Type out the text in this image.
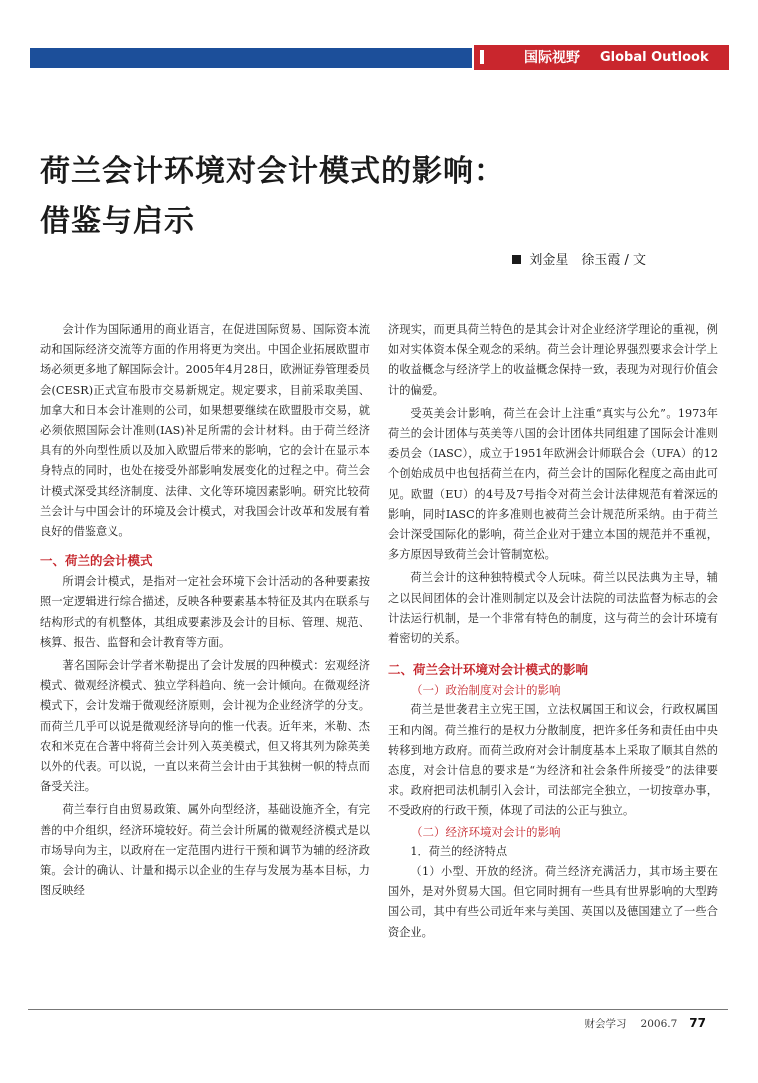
国际视野 Global Outlook
荷兰会计环境对会计模式的影响：
借鉴与启示
刘金星　徐玉霞 / 文

会计作为国际通用的商业语言，在促进国际贸易、国际资本流动和国际经济交流等方面的作用将更为突出。中国企业拓展欧盟市场必须更多地了解国际会计。2005年4月28日，欧洲证券管理委员会(CESR)正式宣布股市交易新规定。规定要求，目前采取美国、加拿大和日本会计准则的公司，如果想要继续在欧盟股市交易，就必须依照国际会计准则(IAS)补足所需的会计材料。由于荷兰经济具有的外向型性质以及加入欧盟后带来的影响，它的会计在显示本身特点的同时，也处在接受外部影响发展变化的过程之中。荷兰会计模式深受其经济制度、法律、文化等环境因素影响。研究比较荷兰会计与中国会计的环境及会计模式，对我国会计改革和发展有着良好的借鉴意义。

一、荷兰的会计模式

所谓会计模式，是指对一定社会环境下会计活动的各种要素按照一定逻辑进行综合描述，反映各种要素基本特征及其内在联系与结构形式的有机整体，其组成要素涉及会计的目标、管理、规范、核算、报告、监督和会计教育等方面。

著名国际会计学者米勒提出了会计发展的四种模式：宏观经济模式、微观经济模式、独立学科趋向、统一会计倾向。在微观经济模式下，会计发端于微观经济原则，会计视为企业经济学的分支。而荷兰几乎可以说是微观经济导向的惟一代表。近年来，米勒、杰农和米克在合著中将荷兰会计列入英美模式，但又将其列为除英美以外的代表。可以说，一直以来荷兰会计由于其独树一帜的特点而备受关注。

荷兰奉行自由贸易政策、属外向型经济，基础设施齐全，有完善的中介组织，经济环境较好。荷兰会计所属的微观经济模式是以市场导向为主，以政府在一定范围内进行干预和调节为辅的经济政策。会计的确认、计量和揭示以企业的生存与发展为基本目标，力图反映经

济现实，而更具荷兰特色的是其会计对企业经济学理论的重视，例如对实体资本保全观念的采纳。荷兰会计理论界强烈要求会计学上的收益概念与经济学上的收益概念保持一致，表现为对现行价值会计的偏爱。

受英美会计影响，荷兰在会计上注重“真实与公允”。1973年荷兰的会计团体与英美等八国的会计团体共同组建了国际会计准则委员会（IASC），成立于1951年欧洲会计师联合会（UFA）的12个创始成员中也包括荷兰在内，荷兰会计的国际化程度之高由此可见。欧盟（EU）的4号及7号指令对荷兰会计法律规范有着深远的影响，同时IASC的许多准则也被荷兰会计规范所采纳。由于荷兰会计深受国际化的影响，荷兰企业对于建立本国的规范并不重视，多方原因导致荷兰会计管制宽松。

荷兰会计的这种独特模式令人玩味。荷兰以民法典为主导，辅之以民间团体的会计准则制定以及会计法院的司法监督为标志的会计法运行机制，是一个非常有特色的制度，这与荷兰的会计环境有着密切的关系。

二、荷兰会计环境对会计模式的影响
（一）政治制度对会计的影响

荷兰是世袭君主立宪王国，立法权属国王和议会，行政权属国王和内阁。荷兰推行的是权力分散制度，把许多任务和责任由中央转移到地方政府。而荷兰政府对会计制度基本上采取了顺其自然的态度，对会计信息的要求是“为经济和社会条件所接受”的法律要求。政府把司法机制引入会计，司法部完全独立，一切按章办事，不受政府的行政干预，体现了司法的公正与独立。

（二）经济环境对会计的影响
1．荷兰的经济特点

（1）小型、开放的经济。荷兰经济充满活力，其市场主要在国外，是对外贸易大国。但它同时拥有一些具有世界影响的大型跨国公司，其中有些公司近年来与美国、英国以及德国建立了一些合资企业。

财会学习 2006.7 77
